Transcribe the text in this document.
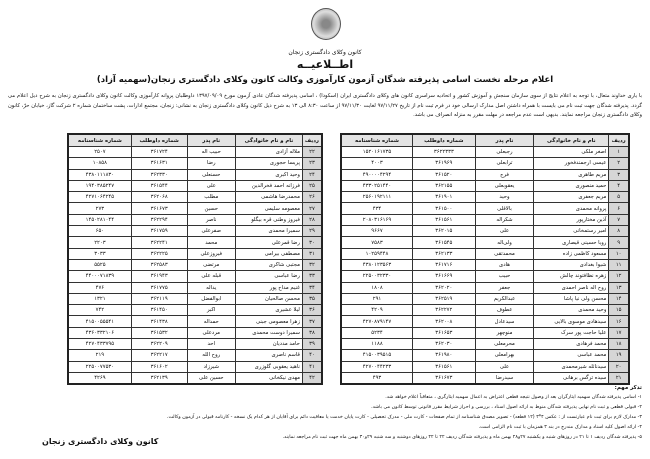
کانون وکلای دادگستری زنجان
اطــلاعیــه
اعلام مرحله نخست اسامی پذیرفته شدگان آزمون کارآموزی وکالت کانون وکلای دادگستری زنجان(سهمیه آزاد)
با یاری خداوند متعال، با توجه به اعلام نتایج از سوی سازمان سنجش و آموزش کشور و اتحادیه سراسری کانون های وکلای دادگستری ایران (اسکودا) ، اسامی پذیرفته شدگان عادی آزمون مورخ ۱۳۹۷/۰۹/۰۹ داوطلبان پروانه کارآموزی وکالت کانون وکلای دادگستری زنجان به شرح ذیل اعلام می گردد. پذیرفته شدگان جهت ثبت نام می بایست با همراه داشتن اصل مدارک ارسالی خود در فرم ثبت نام از تاریخ ۹۷/۱۱/۲۷ لغایت ۹۷/۱۱/۳۰ از ساعت ۸:۳۰ الی ۱۳ به شرح ذیل کانون وکلای دادگستری زنجان به نشانی: زنجان، مجتمع ادارات، پشت ساختمان شماره ۲ شرکت گاز، خیابان حرّ، کانون وکلای دادگستری زنجان مراجعه نمایند. بدیهی است عدم مراجعه در مهلت مقرر به منزله انصراف می باشد.
ردیف	نام و نام خانوادگی	نام پدر	شماره داوطلب	شماره شناسنامه
۱	اصغر ملکی	رجبعلی	۳۶۲۲۳۳۳	۱۵۲۰۱۶۱۷۳۵
۲	عیسی ارجمندفخور	ترابعلی	۳۶۱۹۶۹	۴۰۰۳
۳	مریم طاهری	فرج	۳۶۱۵۲۰	۴۹۰۰۰۰۴۲۹۴
۴	حمید منصوری	یعقوبعلی	۳۶۲۱۵۵	۴۳۳۰۲۵۱۴۴۰
۵	مریم جعفری	وحید	۳۶۱۹۰۱	۲۵۶۰۱۹۲۱۱۱
۶	پروانه محمدی	بالاقلی	۳۶۱۵۰۰	۴۳۴
۷	آذین مختارپور	شکراله	۳۶۱۵۶۱	۲۰۸۰۳۱۶۱۶۹
۸	امیر رستمخانی	علی	۳۶۲۰۱۵	۹۶۶۷
۹	رویا حسینی قیصاری	ولی‌اله	۳۶۱۵۴۵	۷۵۸۳
۱۰	مسعود کاظمی زاده	محمدتقی	۳۶۲۱۳۳	۱۰۲۵۹۴۴۸
۱۱	شیوا بغدادی	هادی	۳۶۱۷۱۶	۴۳۸۰۱۲۳۵۶۳
۱۲	زهره نظافتوند چالش	حبیب	۳۶۱۶۶۹	۲۲۵۰۰۳۲۳۳۰
۱۳	روح اله ناصر احمدی	جعفر	۳۶۲۰۲۰	۱۸۰۸
۱۴	محسن ولی نیا پاشا	عبدالکریم	۳۶۲۵۱۹	۲۹۱
۱۵	وحید محمدی	عطوف	۳۶۲۲۷۲	۴۲۰۹
۱۶	سیدهادی موسوی بالایی	سیدعادل	۳۶۲۰۰۸	۴۲۷۰۸۷۹۱۴۷
۱۷	علیا حاجت پور سرک	منوچهر	۳۶۱۶۵۳	۵۲۳۴
۱۸	محمد فرهادی	محرمعلی	۳۶۲۰۳۰	۱۱۸۸
۱۹	محمد عباسی	بهرامعلی	۳۶۱۹۸۰	۴۱۵۰۰۳۹۵۱۵
۲۰	سیدنائله شیرمحمدی	علی	۳۶۱۵۶۱	۴۲۷۰۰۴۴۲۳۳
۲۱	سیده ترگس برهانی	سیدرضا	۳۶۱۶۷۳	۴۹۳
ردیف	نام و نام خانوادگی	نام پدر	شماره داوطلب	شماره شناسنامه
۲۲	ملاله آزادی	حبیب اله	۳۶۱۷۲۴	۲۵۰۷
۲۳	پریسا حجوری	رضا	۳۶۱۶۳۱	۱۰۸۵۸
۲۴	وحید اکبری	حسنعلی	۳۶۲۳۳۰	۴۳۸۰۱۱۱۸۳۰
۲۵	فرزانه احمد فخرالدین	علی	۳۶۱۵۴۴	۱۹۴۰۳۸۵۲۴۷
۲۶	محمدرضا هاشمی	مطلب	۳۶۲۰۶۸	۴۲۷۱۰۶۴۲۴۵
۲۷	معصومه سلیمی	حسین	۳۶۱۶۷۳	۲۷۳
۲۸	فیروز وطنی قره بیگلو	ناصر	۳۶۲۲۹۴	۱۴۵۰۲۸۱۰۴۴
۲۹	سمیرا محمدی	صفرعلی	۳۶۱۷۵۹	۶۵۰
۳۰	رضا قمرعلی	محمد	۳۶۲۲۴۱	۲۲۰۳
۳۱	مصطفی بیرامی	فیروزعلی	۳۶۲۲۲۵	۳۰۳۳
۳۲	مجتبی شاکری	مرتضی	۳۶۲۵۸۳	۵۵۲۵
۳۳	رضا عباسی	قبله علی	۳۶۱۹۴۳	۴۴۰۰۰۷۱۸۳۹
۳۴	غنیم مداح پور	یداله	۳۶۱۷۷۵	۴۷۶
۳۵	محسن صالحیان	ابوالفضل	۳۶۲۱۱۹	۱۳۲۱
۳۶	لیلا عشیری	اکبر	۳۶۱۴۵۰	۷۴۲
۳۷	زهرا معصومی جبنی	حمداله	۳۶۱۴۳۸	۴۱۵۰۰۵۵۵۴۱
۳۸	سمیرا دوست محمدی	مردعلی	۳۶۱۵۳۲	۴۳۶۰۳۳۲۱۰۶
۳۹	حامد مددیان	احد	۳۶۲۲۰۹	۴۲۷۰۴۳۳۷۹۵
۴۰	قاسم ناصری	روح الله	۳۶۲۲۱۷	۲۱۹
۴۱	ناهید یعقوبی گلوزری	شیرزاد	۳۶۱۶۰۲	۲۲۵۰۰۷۷۵۳۰
۴۲	مهدی نیکخانی	حسین علی	۳۶۲۱۳۹	۴۲۶۹
تذکر مهم:
۱- اسامی پذیرفته شدگان سهمیه ایثارگران بعد از وصول نتیجه قطعی اعتراض به اعمال سهمیه ایثارگری ، متعاقباً اعلام خواهد شد.
۲- قبولی قطعی و ثبت نام نهایی پذیرفته شدگان منوط به ارائه اصول اسناد ، بررسی و احراز شرایط مقرر قانونی توسط کانون می باشد.
۳- مدارک لازم برای ثبت نام عبارتست از : عکس ۴*۳ (۱۲ قطعه) - تصویر مصدق شناسنامه از تمام صفحات - کارت ملی - مدرک تحصیلی - کارت پایان خدمت یا معافیت دائم برای آقایان از هر کدام یک نسخه - کارنامه قبولی در آزمون وکالت.
۴- ارائه اصول کلیه اسناد و مدارک مندرج در بند ۳ همزمان با ثبت نام الزامی است.
۵- پذیرفته شدگان ردیف ۱ تا ۲۱ در روزهای شنبه و یکشنبه ۲۷و۲۸ بهمن ماه و پذیرفته شدگان ردیف ۲۲ تا ۴۲ روزهای دوشنبه و سه شنبه ۲۹و۳۰ بهمن ماه جهت ثبت نام مراجعه نمایند.
کانون وکلای دادگستری زنجان
